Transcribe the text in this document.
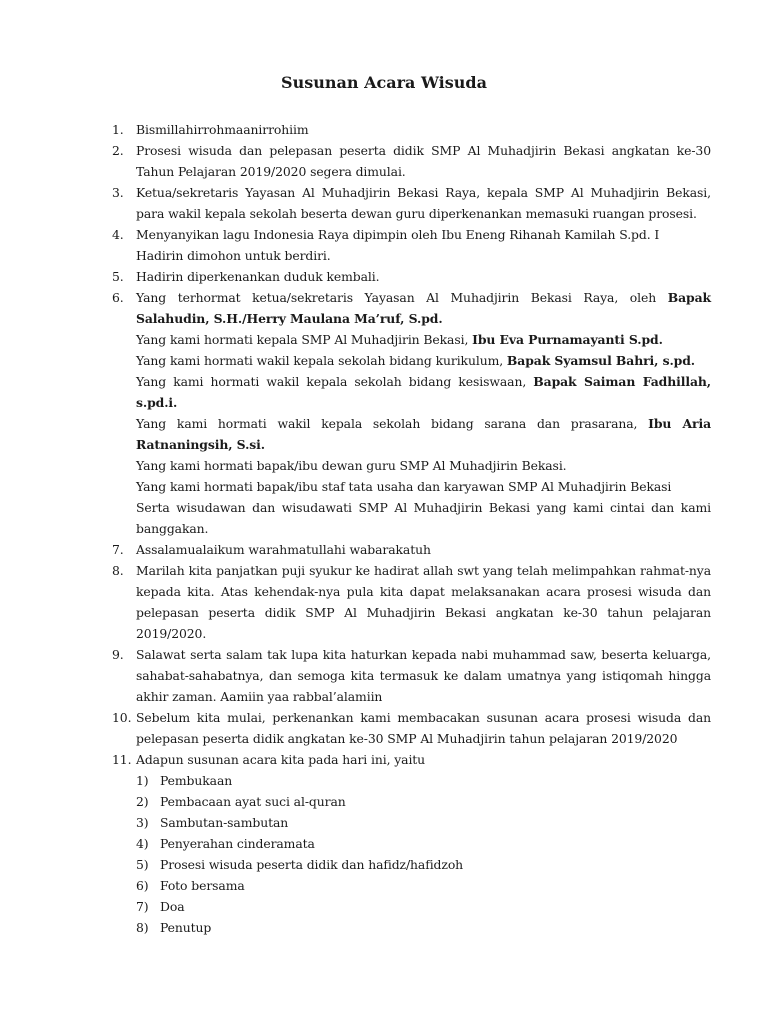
Susunan Acara Wisuda
1. Bismillahirrohmaanirrohiim
2. Prosesi wisuda dan pelepasan peserta didik SMP Al Muhadjirin Bekasi angkatan ke-30 Tahun Pelajaran 2019/2020 segera dimulai.
3. Ketua/sekretaris Yayasan Al Muhadjirin Bekasi Raya, kepala SMP Al Muhadjirin Bekasi, para wakil kepala sekolah beserta dewan guru diperkenankan memasuki ruangan prosesi.
4. Menyanyikan lagu Indonesia Raya dipimpin oleh Ibu Eneng Rihanah Kamilah S.pd. I
Hadirin dimohon untuk berdiri.
5. Hadirin diperkenankan duduk kembali.
6. Yang terhormat ketua/sekretaris Yayasan Al Muhadjirin Bekasi Raya, oleh Bapak Salahudin, S.H./Herry Maulana Ma’ruf, S.pd.
Yang kami hormati kepala SMP Al Muhadjirin Bekasi, Ibu Eva Purnamayanti S.pd.
Yang kami hormati wakil kepala sekolah bidang kurikulum, Bapak Syamsul Bahri, s.pd.
Yang kami hormati wakil kepala sekolah bidang kesiswaan, Bapak Saiman Fadhillah, s.pd.i.
Yang kami hormati wakil kepala sekolah bidang sarana dan prasarana, Ibu Aria Ratnaningsih, S.si.
Yang kami hormati bapak/ibu dewan guru SMP Al Muhadjirin Bekasi.
Yang kami hormati bapak/ibu staf tata usaha dan karyawan SMP Al Muhadjirin Bekasi
Serta wisudawan dan wisudawati SMP Al Muhadjirin Bekasi yang kami cintai dan kami banggakan.
7. Assalamualaikum warahmatullahi wabarakatuh
8. Marilah kita panjatkan puji syukur ke hadirat allah swt yang telah melimpahkan rahmat-nya kepada kita. Atas kehendak-nya pula kita dapat melaksanakan acara prosesi wisuda dan pelepasan peserta didik SMP Al Muhadjirin Bekasi angkatan ke-30 tahun pelajaran 2019/2020.
9. Salawat serta salam tak lupa kita haturkan kepada nabi muhammad saw, beserta keluarga, sahabat-sahabatnya, dan semoga kita termasuk ke dalam umatnya yang istiqomah hingga akhir zaman. Aamiin yaa rabbal’alamiin
10. Sebelum kita mulai, perkenankan kami membacakan susunan acara prosesi wisuda dan pelepasan peserta didik angkatan ke-30 SMP Al Muhadjirin tahun pelajaran 2019/2020
11. Adapun susunan acara kita pada hari ini, yaitu
1) Pembukaan
2) Pembacaan ayat suci al-quran
3) Sambutan-sambutan
4) Penyerahan cinderamata
5) Prosesi wisuda peserta didik dan hafidz/hafidzoh
6) Foto bersama
7) Doa
8) Penutup
